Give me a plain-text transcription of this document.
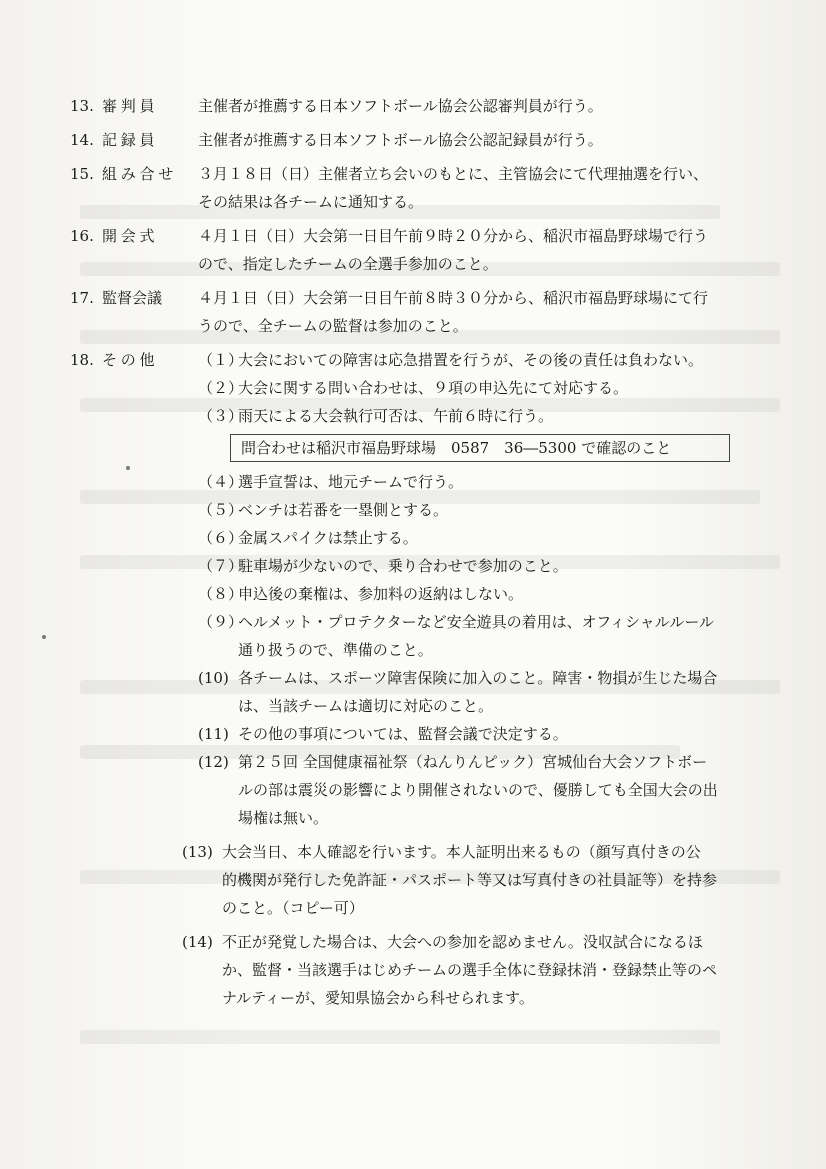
13. 審判員	主催者が推薦する日本ソフトボール協会公認審判員が行う。
14. 記録員	主催者が推薦する日本ソフトボール協会公認記録員が行う。
15. 組み合せ	３月１８日（日）主催者立ち会いのもとに、主管協会にて代理抽選を行い、
その結果は各チームに通知する。
16. 開会式	４月１日（日）大会第一日目午前９時２０分から、稲沢市福島野球場で行う
ので、指定したチームの全選手参加のこと。
17. 監督会議	４月１日（日）大会第一日目午前８時３０分から、稲沢市福島野球場にて行
うので、全チームの監督は参加のこと。
18. その他	（１）
大会においての障害は応急措置を行うが、その後の責任は負わない。
（２）
大会に関する問い合わせは、９項の申込先にて対応する。
（３）
雨天による大会執行可否は、午前６時に行う。
問合わせは稲沢市福島野球場　0587　36―5300 で確認のこと
（４）
選手宣誓は、地元チームで行う。
（５）
ベンチは若番を一塁側とする。
（６）
金属スパイクは禁止する。
（７）
駐車場が少ないので、乗り合わせで参加のこと。
（８）
申込後の棄権は、参加料の返納はしない。
（９）
ヘルメット・プロテクターなど安全遊具の着用は、オフィシャルルール
通り扱うので、準備のこと。
(10) 各チームは、スポーツ障害保険に加入のこと。障害・物損が生じた場合
は、当該チームは適切に対応のこと。
(11) その他の事項については、監督会議で決定する。
(12) 第２５回 全国健康福祉祭（ねんりんピック）宮城仙台大会ソフトボー
ルの部は震災の影響により開催されないので、優勝しても全国大会の出
場権は無い。
(13) 大会当日、本人確認を行います。本人証明出来るもの（顔写真付きの公
的機関が発行した免許証・パスポート等又は写真付きの社員証等）を持参
のこと。（コピー可）
(14) 不正が発覚した場合は、大会への参加を認めません。没収試合になるほ
か、監督・当該選手はじめチームの選手全体に登録抹消・登録禁止等のペ
ナルティーが、愛知県協会から科せられます。
